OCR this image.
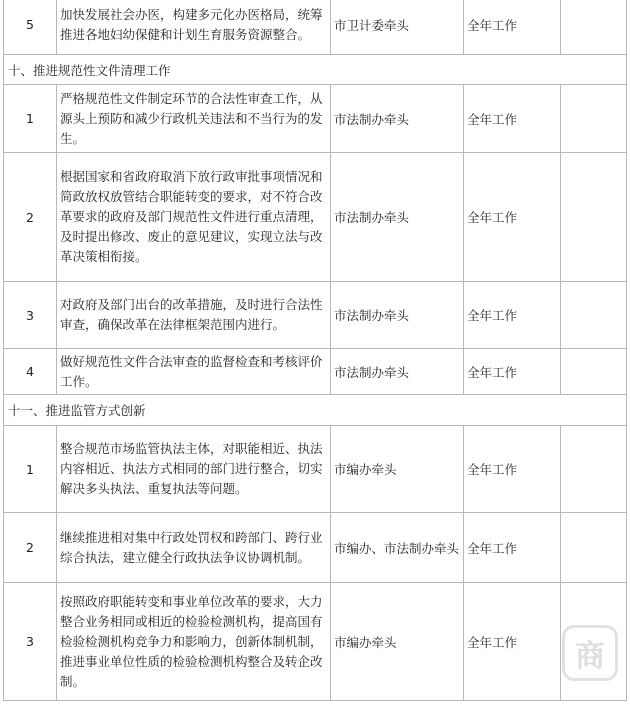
5	加快发展社会办医，构建多元化办医格局，统筹推进各地妇幼保健和计划生育服务资源整合。	市卫计委牵头	全年工作	
十、推进规范性文件清理工作				
1	严格规范性文件制定环节的合法性审查工作，从源头上预防和减少行政机关违法和不当行为的发生。	市法制办牵头	全年工作	
2	根据国家和省政府取消下放行政审批事项情况和简政放权放管结合职能转变的要求，对不符合改革要求的政府及部门规范性文件进行重点清理，及时提出修改、废止的意见建议，实现立法与改革决策相衔接。	市法制办牵头	全年工作	
3	对政府及部门出台的改革措施，及时进行合法性审查，确保改革在法律框架范围内进行。	市法制办牵头	全年工作	
4	做好规范性文件合法审查的监督检查和考核评价工作。	市法制办牵头	全年工作	
十一、推进监管方式创新				
1	整合规范市场监管执法主体，对职能相近、执法内容相近、执法方式相同的部门进行整合，切实解决多头执法、重复执法等问题。	市编办牵头	全年工作	
2	继续推进相对集中行政处罚权和跨部门、跨行业综合执法，建立健全行政执法争议协调机制。	市编办、市法制办牵头	全年工作	
3	按照政府职能转变和事业单位改革的要求，大力整合业务相同或相近的检验检测机构，提高国有检验检测机构竞争力和影响力，创新体制机制，推进事业单位性质的检验检测机构整合及转企改制。	市编办牵头	全年工作		商
